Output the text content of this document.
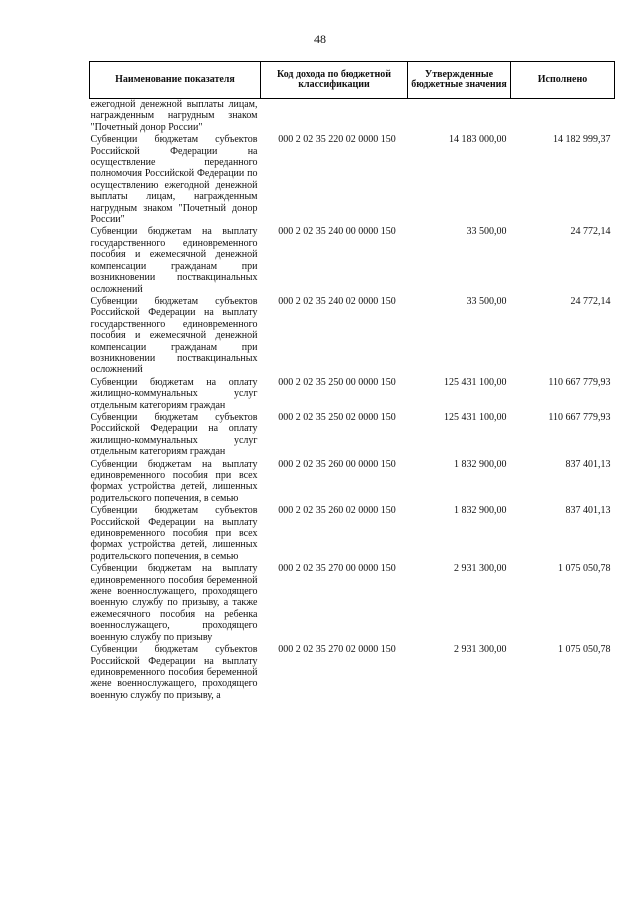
48
Наименование показателя	Код дохода по бюджетной классификации	Утвержденные бюджетные значения	Исполнено
ежегодной денежной выплаты лицам, награжденным нагрудным знаком "Почетный донор России"			
Субвенции бюджетам субъектов Российской Федерации на осуществление переданного полномочия Российской Федерации по осуществлению ежегодной денежной выплаты лицам, награжденным нагрудным знаком "Почетный донор России"	000 2 02 35 220 02 0000 150	14 183 000,00	14 182 999,37
Субвенции бюджетам на выплату государственного единовременного пособия и ежемесячной денежной компенсации гражданам при возникновении поствакцинальных осложнений	000 2 02 35 240 00 0000 150	33 500,00	24 772,14
Субвенции бюджетам субъектов Российской Федерации на выплату государственного единовременного пособия и ежемесячной денежной компенсации гражданам при возникновении поствакцинальных осложнений	000 2 02 35 240 02 0000 150	33 500,00	24 772,14
Субвенции бюджетам на оплату жилищно-коммунальных услуг отдельным категориям граждан	000 2 02 35 250 00 0000 150	125 431 100,00	110 667 779,93
Субвенции бюджетам субъектов Российской Федерации на оплату жилищно-коммунальных услуг отдельным категориям граждан	000 2 02 35 250 02 0000 150	125 431 100,00	110 667 779,93
Субвенции бюджетам на выплату единовременного пособия при всех формах устройства детей, лишенных родительского попечения, в семью	000 2 02 35 260 00 0000 150	1 832 900,00	837 401,13
Субвенции бюджетам субъектов Российской Федерации на выплату единовременного пособия при всех формах устройства детей, лишенных родительского попечения, в семью	000 2 02 35 260 02 0000 150	1 832 900,00	837 401,13
Субвенции бюджетам на выплату единовременного пособия беременной жене военнослужащего, проходящего военную службу по призыву, а также ежемесячного пособия на ребенка военнослужащего, проходящего военную службу по призыву	000 2 02 35 270 00 0000 150	2 931 300,00	1 075 050,78
Субвенции бюджетам субъектов Российской Федерации на выплату единовременного пособия беременной жене военнослужащего, проходящего военную службу по призыву, а	000 2 02 35 270 02 0000 150	2 931 300,00	1 075 050,78
